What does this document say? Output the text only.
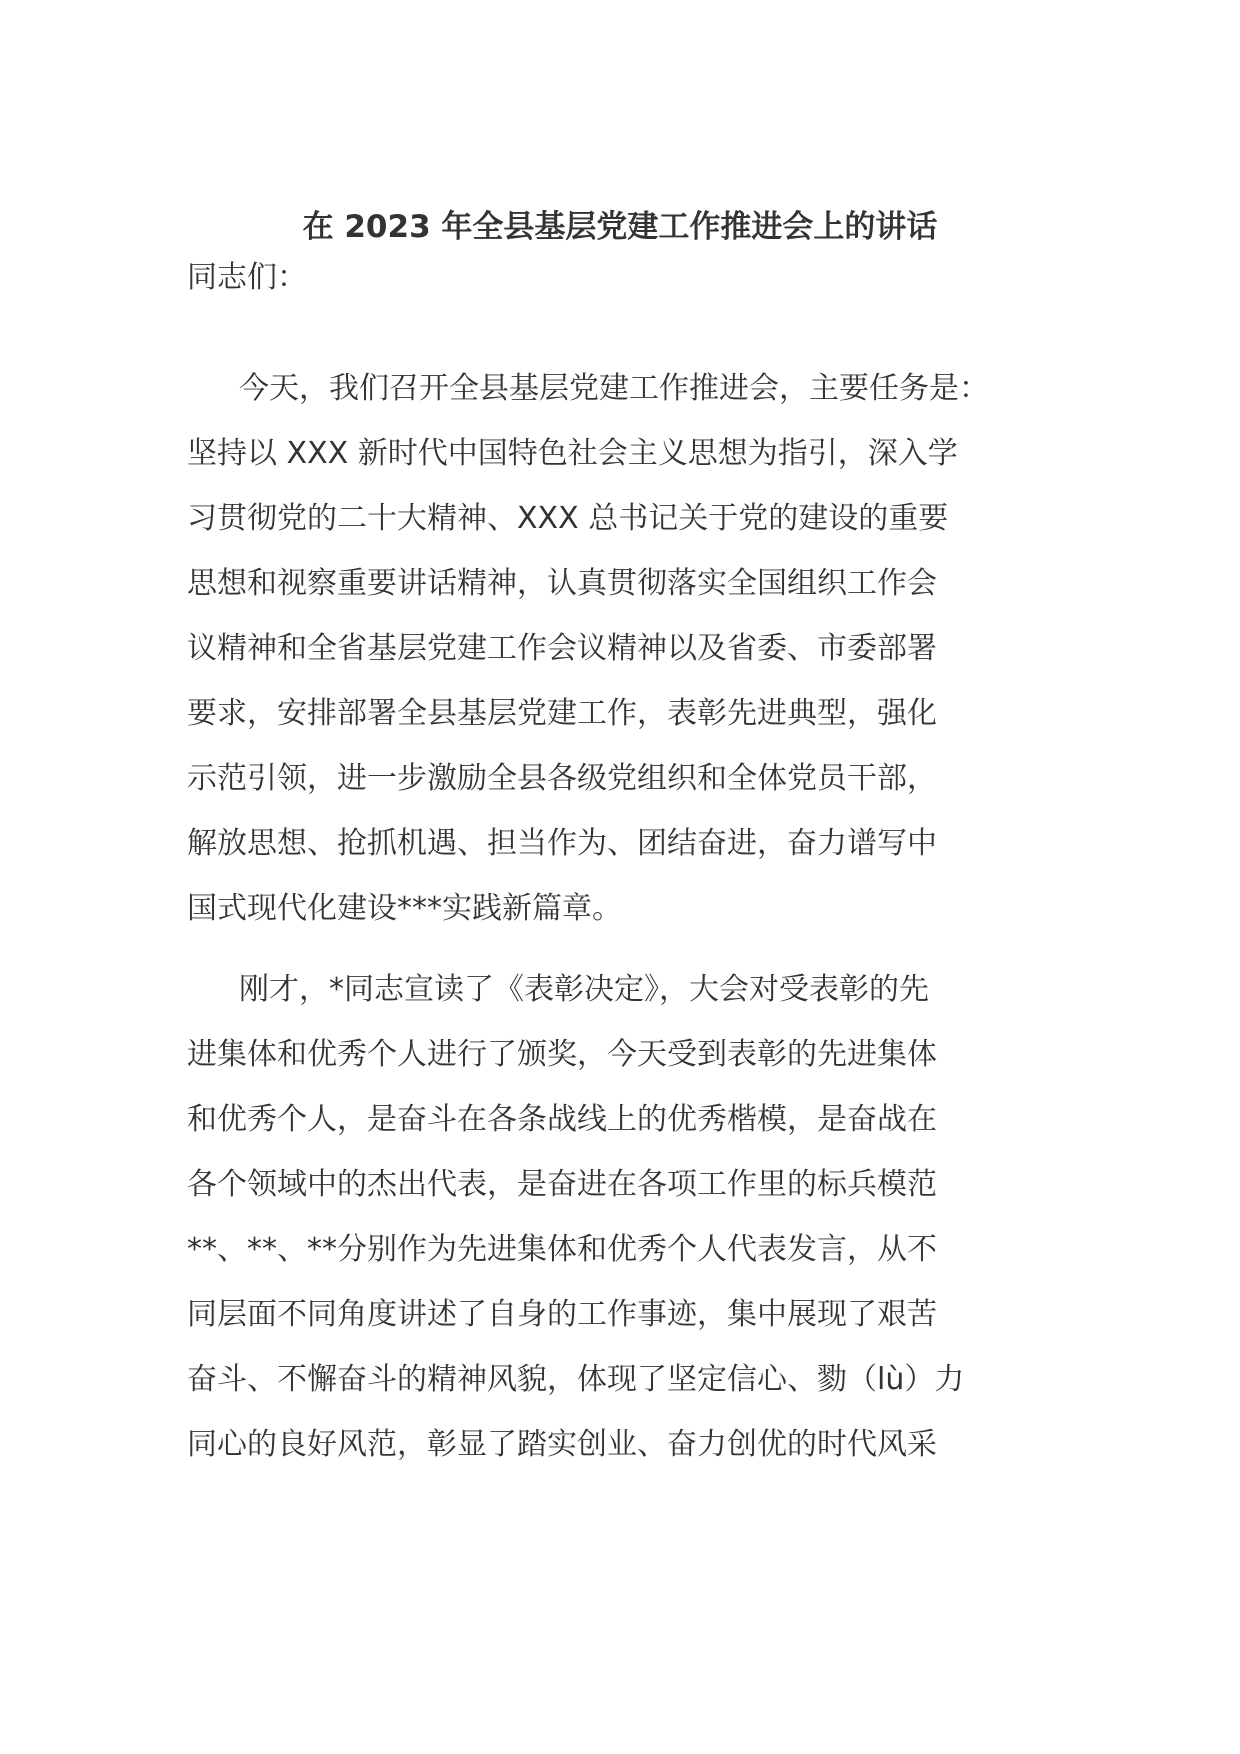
在 2023 年全县基层党建工作推进会上的讲话

同志们：

今天，我们召开全县基层党建工作推进会，主要任务是：
坚持以 XXX 新时代中国特色社会主义思想为指引，深入学
习贯彻党的二十大精神、XXX 总书记关于党的建设的重要
思想和视察重要讲话精神，认真贯彻落实全国组织工作会
议精神和全省基层党建工作会议精神以及省委、市委部署
要求，安排部署全县基层党建工作，表彰先进典型，强化
示范引领，进一步激励全县各级党组织和全体党员干部，
解放思想、抢抓机遇、担当作为、团结奋进，奋力谱写中
国式现代化建设***实践新篇章。
刚才，*同志宣读了《表彰决定》，大会对受表彰的先
进集体和优秀个人进行了颁奖，今天受到表彰的先进集体
和优秀个人，是奋斗在各条战线上的优秀楷模，是奋战在
各个领域中的杰出代表，是奋进在各项工作里的标兵模范
**、**、**分别作为先进集体和优秀个人代表发言，从不
同层面不同角度讲述了自身的工作事迹，集中展现了艰苦
奋斗、不懈奋斗的精神风貌，体现了坚定信心、勠（lù）力
同心的良好风范，彰显了踏实创业、奋力创优的时代风采
